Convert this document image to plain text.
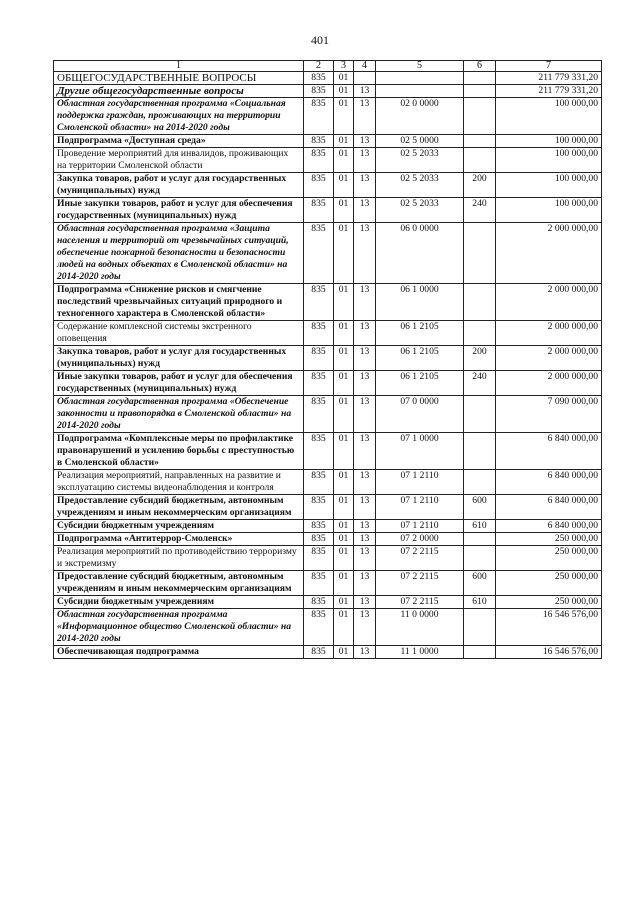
401
1	2	3	4	5	6	7
ОБЩЕГОСУДАРСТВЕННЫЕ ВОПРОСЫ	835	01				211 779 331,20
Другие общегосударственные вопросы	835	01	13			211 779 331,20
Областная государственная программа «Социальная поддержка граждан, проживающих на территории Смоленской области» на 2014-2020 годы	835	01	13	02 0 0000		100 000,00
Подпрограмма «Доступная среда»	835	01	13	02 5 0000		100 000,00
Проведение мероприятий для инвалидов, проживающих на территории Смоленской области	835	01	13	02 5 2033		100 000,00
Закупка товаров, работ и услуг для государственных (муниципальных) нужд	835	01	13	02 5 2033	200	100 000,00
Иные закупки товаров, работ и услуг для обеспечения государственных (муниципальных) нужд	835	01	13	02 5 2033	240	100 000,00
Областная государственная программа «Защита населения и территорий от чрезвычайных ситуаций, обеспечение пожарной безопасности и безопасности людей на водных объектах в Смоленской области» на 2014-2020 годы	835	01	13	06 0 0000		2 000 000,00
Подпрограмма «Снижение рисков и смягчение последствий чрезвычайных ситуаций природного и техногенного характера в Смоленской области»	835	01	13	06 1 0000		2 000 000,00
Содержание комплексной системы экстренного оповещения	835	01	13	06 1 2105		2 000 000,00
Закупка товаров, работ и услуг для государственных (муниципальных) нужд	835	01	13	06 1 2105	200	2 000 000,00
Иные закупки товаров, работ и услуг для обеспечения государственных (муниципальных) нужд	835	01	13	06 1 2105	240	2 000 000,00
Областная государственная программа «Обеспечение законности и правопорядка в Смоленской области» на 2014-2020 годы	835	01	13	07 0 0000		7 090 000,00
Подпрограмма «Комплексные меры по профилактике правонарушений и усилению борьбы с преступностью в Смоленской области»	835	01	13	07 1 0000		6 840 000,00
Реализация мероприятий, направленных на развитие и эксплуатацию системы видеонаблюдения и контроля	835	01	13	07 1 2110		6 840 000,00
Предоставление субсидий бюджетным, автономным учреждениям и иным некоммерческим организациям	835	01	13	07 1 2110	600	6 840 000,00
Субсидии бюджетным учреждениям	835	01	13	07 1 2110	610	6 840 000,00
Подпрограмма «Антитеррор-Смоленск»	835	01	13	07 2 0000		250 000,00
Реализация мероприятий по противодействию терроризму и экстремизму	835	01	13	07 2 2115		250 000,00
Предоставление субсидий бюджетным, автономным учреждениям и иным некоммерческим организациям	835	01	13	07 2 2115	600	250 000,00
Субсидии бюджетным учреждениям	835	01	13	07 2 2115	610	250 000,00
Областная государственная программа «Информационное общество Смоленской области» на 2014-2020 годы	835	01	13	11 0 0000		16 546 576,00
Обеспечивающая подпрограмма	835	01	13	11 1 0000		16 546 576,00
